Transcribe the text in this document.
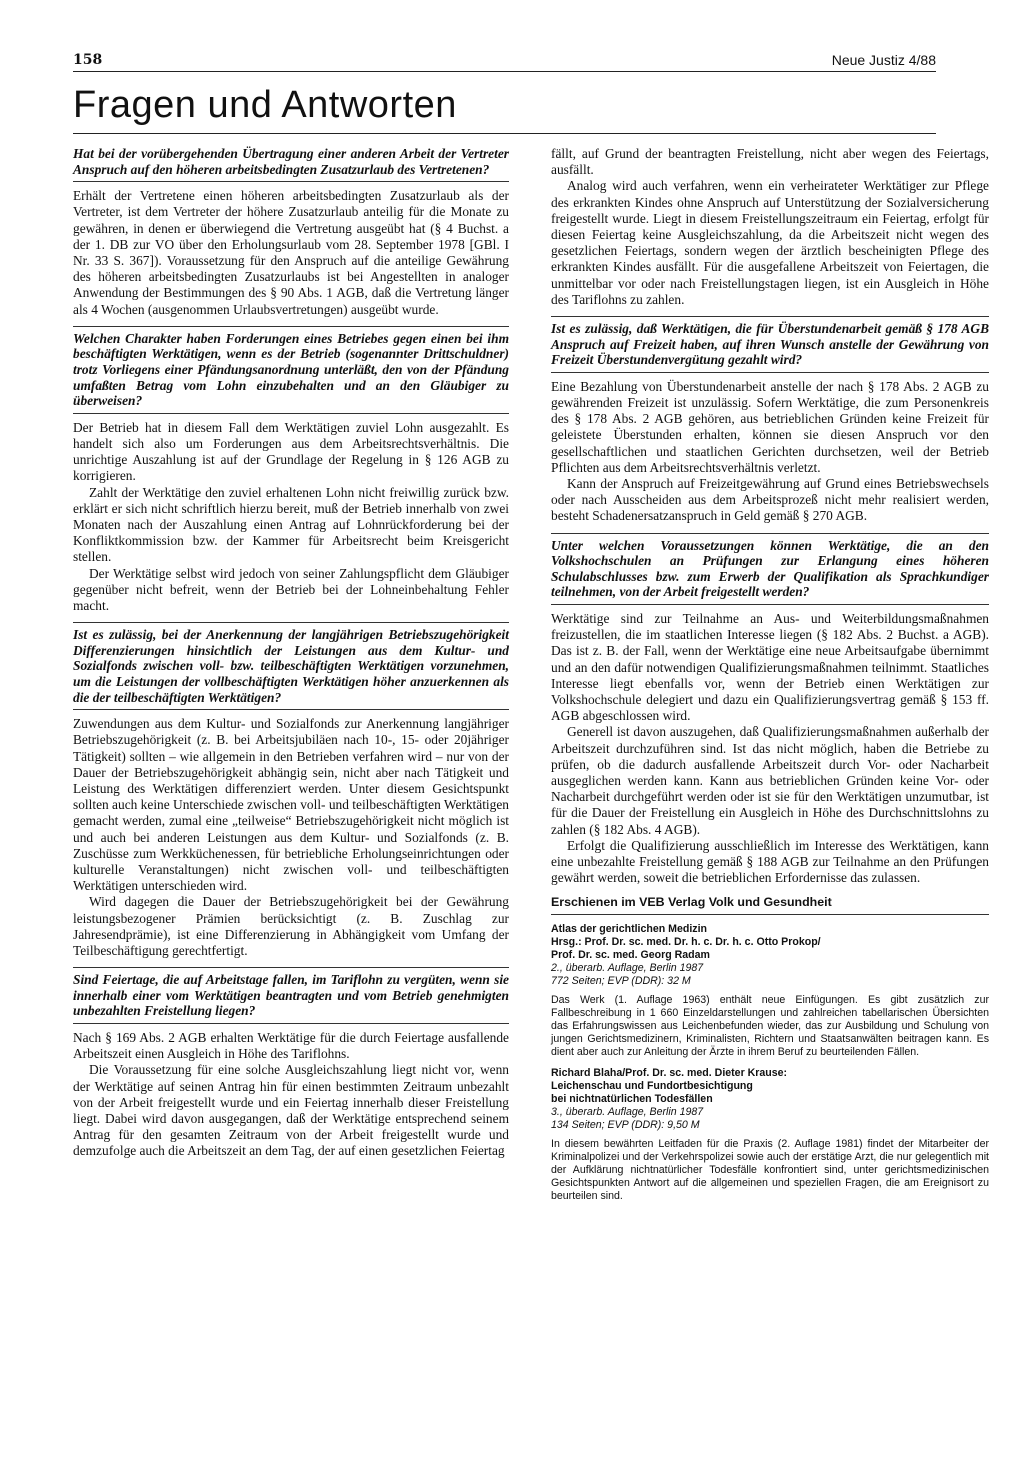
158	Neue Justiz 4/88
Fragen und Antworten
Hat bei der vorübergehenden Übertragung einer anderen Arbeit der Vertreter Anspruch auf den höheren arbeitsbedingten Zusatzurlaub des Vertretenen?

Erhält der Vertretene einen höheren arbeitsbedingten Zusatzurlaub als der Vertreter, ist dem Vertreter der höhere Zusatzurlaub anteilig für die Monate zu gewähren, in denen er überwiegend die Vertretung ausgeübt hat (§ 4 Buchst. a der 1. DB zur VO über den Erholungsurlaub vom 28. September 1978 [GBl. I Nr. 33 S. 367]). Voraussetzung für den Anspruch auf die anteilige Gewährung des höheren arbeitsbedingten Zusatzurlaubs ist bei Angestellten in analoger Anwendung der Bestimmungen des § 90 Abs. 1 AGB, daß die Vertretung länger als 4 Wochen (ausgenommen Urlaubsvertretungen) ausgeübt wurde.

Welchen Charakter haben Forderungen eines Betriebes gegen einen bei ihm beschäftigten Werktätigen, wenn es der Betrieb (sogenannter Drittschuldner) trotz Vorliegens einer Pfändungsanordnung unterläßt, den von der Pfändung umfaßten Betrag vom Lohn einzubehalten und an den Gläubiger zu überweisen?

Der Betrieb hat in diesem Fall dem Werktätigen zuviel Lohn ausgezahlt. Es handelt sich also um Forderungen aus dem Arbeitsrechtsverhältnis. Die unrichtige Auszahlung ist auf der Grundlage der Regelung in § 126 AGB zu korrigieren.

Zahlt der Werktätige den zuviel erhaltenen Lohn nicht freiwillig zurück bzw. erklärt er sich nicht schriftlich hierzu bereit, muß der Betrieb innerhalb von zwei Monaten nach der Auszahlung einen Antrag auf Lohnrückforderung bei der Konfliktkommission bzw. der Kammer für Arbeitsrecht beim Kreisgericht stellen.

Der Werktätige selbst wird jedoch von seiner Zahlungspflicht dem Gläubiger gegenüber nicht befreit, wenn der Betrieb bei der Lohneinbehaltung Fehler macht.

Ist es zulässig, bei der Anerkennung der langjährigen Betriebszugehörigkeit Differenzierungen hinsichtlich der Leistungen aus dem Kultur- und Sozialfonds zwischen voll- bzw. teilbeschäftigten Werktätigen vorzunehmen, um die Leistungen der vollbeschäftigten Werktätigen höher anzuerkennen als die der teilbeschäftigten Werktätigen?

Zuwendungen aus dem Kultur- und Sozialfonds zur Anerkennung langjähriger Betriebszugehörigkeit (z. B. bei Arbeitsjubiläen nach 10-, 15- oder 20jähriger Tätigkeit) sollten – wie allgemein in den Betrieben verfahren wird – nur von der Dauer der Betriebszugehörigkeit abhängig sein, nicht aber nach Tätigkeit und Leistung des Werktätigen differenziert werden. Unter diesem Gesichtspunkt sollten auch keine Unterschiede zwischen voll- und teilbeschäftigten Werktätigen gemacht werden, zumal eine „teilweise“ Betriebszugehörigkeit nicht möglich ist und auch bei anderen Leistungen aus dem Kultur- und Sozialfonds (z. B. Zuschüsse zum Werkküchenessen, für betriebliche Erholungseinrichtungen oder kulturelle Veranstaltungen) nicht zwischen voll- und teilbeschäftigten Werktätigen unterschieden wird.

Wird dagegen die Dauer der Betriebszugehörigkeit bei der Gewährung leistungsbezogener Prämien berücksichtigt (z. B. Zuschlag zur Jahresendprämie), ist eine Differenzierung in Abhängigkeit vom Umfang der Teilbeschäftigung gerechtfertigt.

Sind Feiertage, die auf Arbeitstage fallen, im Tariflohn zu vergüten, wenn sie innerhalb einer vom Werktätigen beantragten und vom Betrieb genehmigten unbezahlten Freistellung liegen?

Nach § 169 Abs. 2 AGB erhalten Werktätige für die durch Feiertage ausfallende Arbeitszeit einen Ausgleich in Höhe des Tariflohns.

Die Voraussetzung für eine solche Ausgleichszahlung liegt nicht vor, wenn der Werktätige auf seinen Antrag hin für einen bestimmten Zeitraum unbezahlt von der Arbeit freigestellt wurde und ein Feiertag innerhalb dieser Freistellung liegt. Dabei wird davon ausgegangen, daß der Werktätige entsprechend seinem Antrag für den gesamten Zeitraum von der Arbeit freigestellt wurde und demzufolge auch die Arbeitszeit an dem Tag, der auf einen gesetzlichen Feiertag

fällt, auf Grund der beantragten Freistellung, nicht aber wegen des Feiertags, ausfällt.

Analog wird auch verfahren, wenn ein verheirateter Werktätiger zur Pflege des erkrankten Kindes ohne Anspruch auf Unterstützung der Sozialversicherung freigestellt wurde. Liegt in diesem Freistellungszeitraum ein Feiertag, erfolgt für diesen Feiertag keine Ausgleichszahlung, da die Arbeitszeit nicht wegen des gesetzlichen Feiertags, sondern wegen der ärztlich bescheinigten Pflege des erkrankten Kindes ausfällt. Für die ausgefallene Arbeitszeit von Feiertagen, die unmittelbar vor oder nach Freistellungstagen liegen, ist ein Ausgleich in Höhe des Tariflohns zu zahlen.

Ist es zulässig, daß Werktätigen, die für Überstundenarbeit gemäß § 178 AGB Anspruch auf Freizeit haben, auf ihren Wunsch anstelle der Gewährung von Freizeit Überstundenvergütung gezahlt wird?

Eine Bezahlung von Überstundenarbeit anstelle der nach § 178 Abs. 2 AGB zu gewährenden Freizeit ist unzulässig. Sofern Werktätige, die zum Personenkreis des § 178 Abs. 2 AGB gehören, aus betrieblichen Gründen keine Freizeit für geleistete Überstunden erhalten, können sie diesen Anspruch vor den gesellschaftlichen und staatlichen Gerichten durchsetzen, weil der Betrieb Pflichten aus dem Arbeitsrechtsverhältnis verletzt.

Kann der Anspruch auf Freizeitgewährung auf Grund eines Betriebswechsels oder nach Ausscheiden aus dem Arbeitsprozeß nicht mehr realisiert werden, besteht Schadenersatzanspruch in Geld gemäß § 270 AGB.

Unter welchen Voraussetzungen können Werktätige, die an den Volkshochschulen an Prüfungen zur Erlangung eines höheren Schulabschlusses bzw. zum Erwerb der Qualifikation als Sprachkundiger teilnehmen, von der Arbeit freigestellt werden?

Werktätige sind zur Teilnahme an Aus- und Weiterbildungsmaßnahmen freizustellen, die im staatlichen Interesse liegen (§ 182 Abs. 2 Buchst. a AGB). Das ist z. B. der Fall, wenn der Werktätige eine neue Arbeitsaufgabe übernimmt und an den dafür notwendigen Qualifizierungsmaßnahmen teilnimmt. Staatliches Interesse liegt ebenfalls vor, wenn der Betrieb einen Werktätigen zur Volkshochschule delegiert und dazu ein Qualifizierungsvertrag gemäß § 153 ff. AGB abgeschlossen wird.

Generell ist davon auszugehen, daß Qualifizierungsmaßnahmen außerhalb der Arbeitszeit durchzuführen sind. Ist das nicht möglich, haben die Betriebe zu prüfen, ob die dadurch ausfallende Arbeitszeit durch Vor- oder Nacharbeit ausgeglichen werden kann. Kann aus betrieblichen Gründen keine Vor- oder Nacharbeit durchgeführt werden oder ist sie für den Werktätigen unzumutbar, ist für die Dauer der Freistellung ein Ausgleich in Höhe des Durchschnittslohns zu zahlen (§ 182 Abs. 4 AGB).

Erfolgt die Qualifizierung ausschließlich im Interesse des Werktätigen, kann eine unbezahlte Freistellung gemäß § 188 AGB zur Teilnahme an den Prüfungen gewährt werden, soweit die betrieblichen Erfordernisse das zulassen.

Erschienen im VEB Verlag Volk und Gesundheit
Atlas der gerichtlichen Medizin
Hrsg.: Prof. Dr. sc. med. Dr. h. c. Dr. h. c. Otto Prokop/
Prof. Dr. sc. med. Georg Radam
2., überarb. Auflage, Berlin 1987
772 Seiten; EVP (DDR): 32 M
Das Werk (1. Auflage 1963) enthält neue Einfügungen. Es gibt zusätzlich zur Fallbeschreibung in 1 660 Einzeldarstellungen und zahlreichen tabellarischen Übersichten das Erfahrungswissen aus Leichenbefunden wieder, das zur Ausbildung und Schulung von jungen Gerichtsmedizinern, Kriminalisten, Richtern und Staatsanwälten beitragen kann. Es dient aber auch zur Anleitung der Ärzte in ihrem Beruf zu beurteilenden Fällen.
Richard Blaha/Prof. Dr. sc. med. Dieter Krause:
Leichenschau und Fundortbesichtigung
bei nichtnatürlichen Todesfällen
3., überarb. Auflage, Berlin 1987
134 Seiten; EVP (DDR): 9,50 M
In diesem bewährten Leitfaden für die Praxis (2. Auflage 1981) findet der Mitarbeiter der Kriminalpolizei und der Verkehrspolizei sowie auch der erstätige Arzt, die nur gelegentlich mit der Aufklärung nichtnatürlicher Todesfälle konfrontiert sind, unter gerichtsmedizinischen Gesichtspunkten Antwort auf die allgemeinen und speziellen Fragen, die am Ereignisort zu beurteilen sind.
